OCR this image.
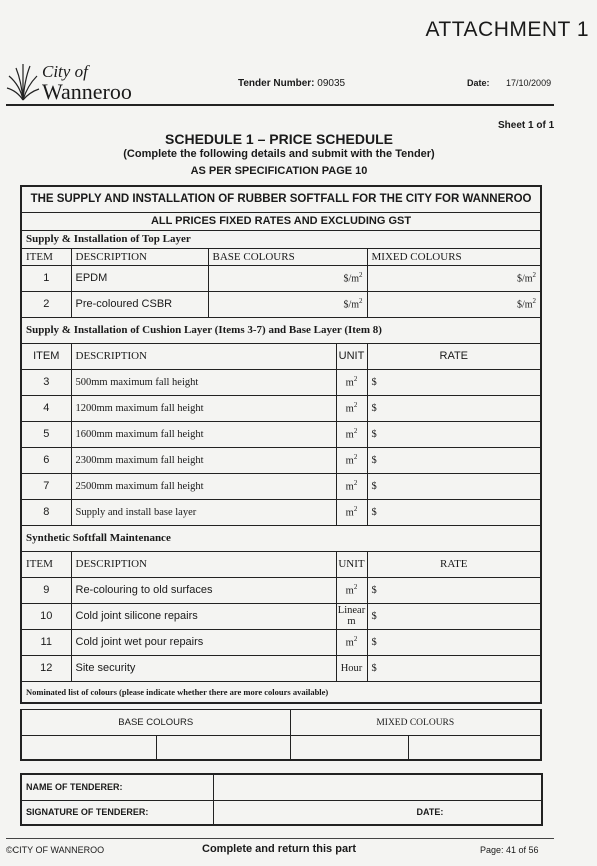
ATTACHMENT 1
City of
Wanneroo	Tender Number: 09035	Date: 17/10/2009
Sheet 1 of 1
SCHEDULE 1 – PRICE SCHEDULE
(Complete the following details and submit with the Tender)
AS PER SPECIFICATION PAGE 10
THE SUPPLY AND INSTALLATION OF RUBBER SOFTFALL FOR THE CITY FOR WANNEROO				
ALL PRICES FIXED RATES AND EXCLUDING GST				
Supply & Installation of Top Layer				
ITEM	DESCRIPTION	BASE COLOURS		MIXED COLOURS
1	EPDM	$\$/m^2$		$\$/m^2$
2	Pre-coloured CSBR	$\$/m^2$		$\$/m^2$
Supply & Installation of Cushion Layer (Items 3-7) and Base Layer (Item 8)				
ITEM	DESCRIPTION		UNIT	RATE
3	500mm maximum fall height		$m^2$	$
4	1200mm maximum fall height		$m^2$	$
5	1600mm maximum fall height		$m^2$	$
6	2300mm maximum fall height		$m^2$	$
7	2500mm maximum fall height		$m^2$	$
8	Supply and install base layer		$m^2$	$
Synthetic Softfall Maintenance				
ITEM	DESCRIPTION		UNIT	RATE
9	Re-colouring to old surfaces		$m^2$	$
10	Cold joint silicone repairs		Linear m	$
11	Cold joint wet pour repairs		$m^2$	$
12	Site security		Hour	$
Nominated list of colours (please indicate whether there are more colours available)				
BASE COLOURS		MIXED COLOURS	

NAME OF TENDERER:	
SIGNATURE OF TENDERER:	DATE:
©CITY OF WANNEROO	Complete and return this part	Page: 41 of 56
